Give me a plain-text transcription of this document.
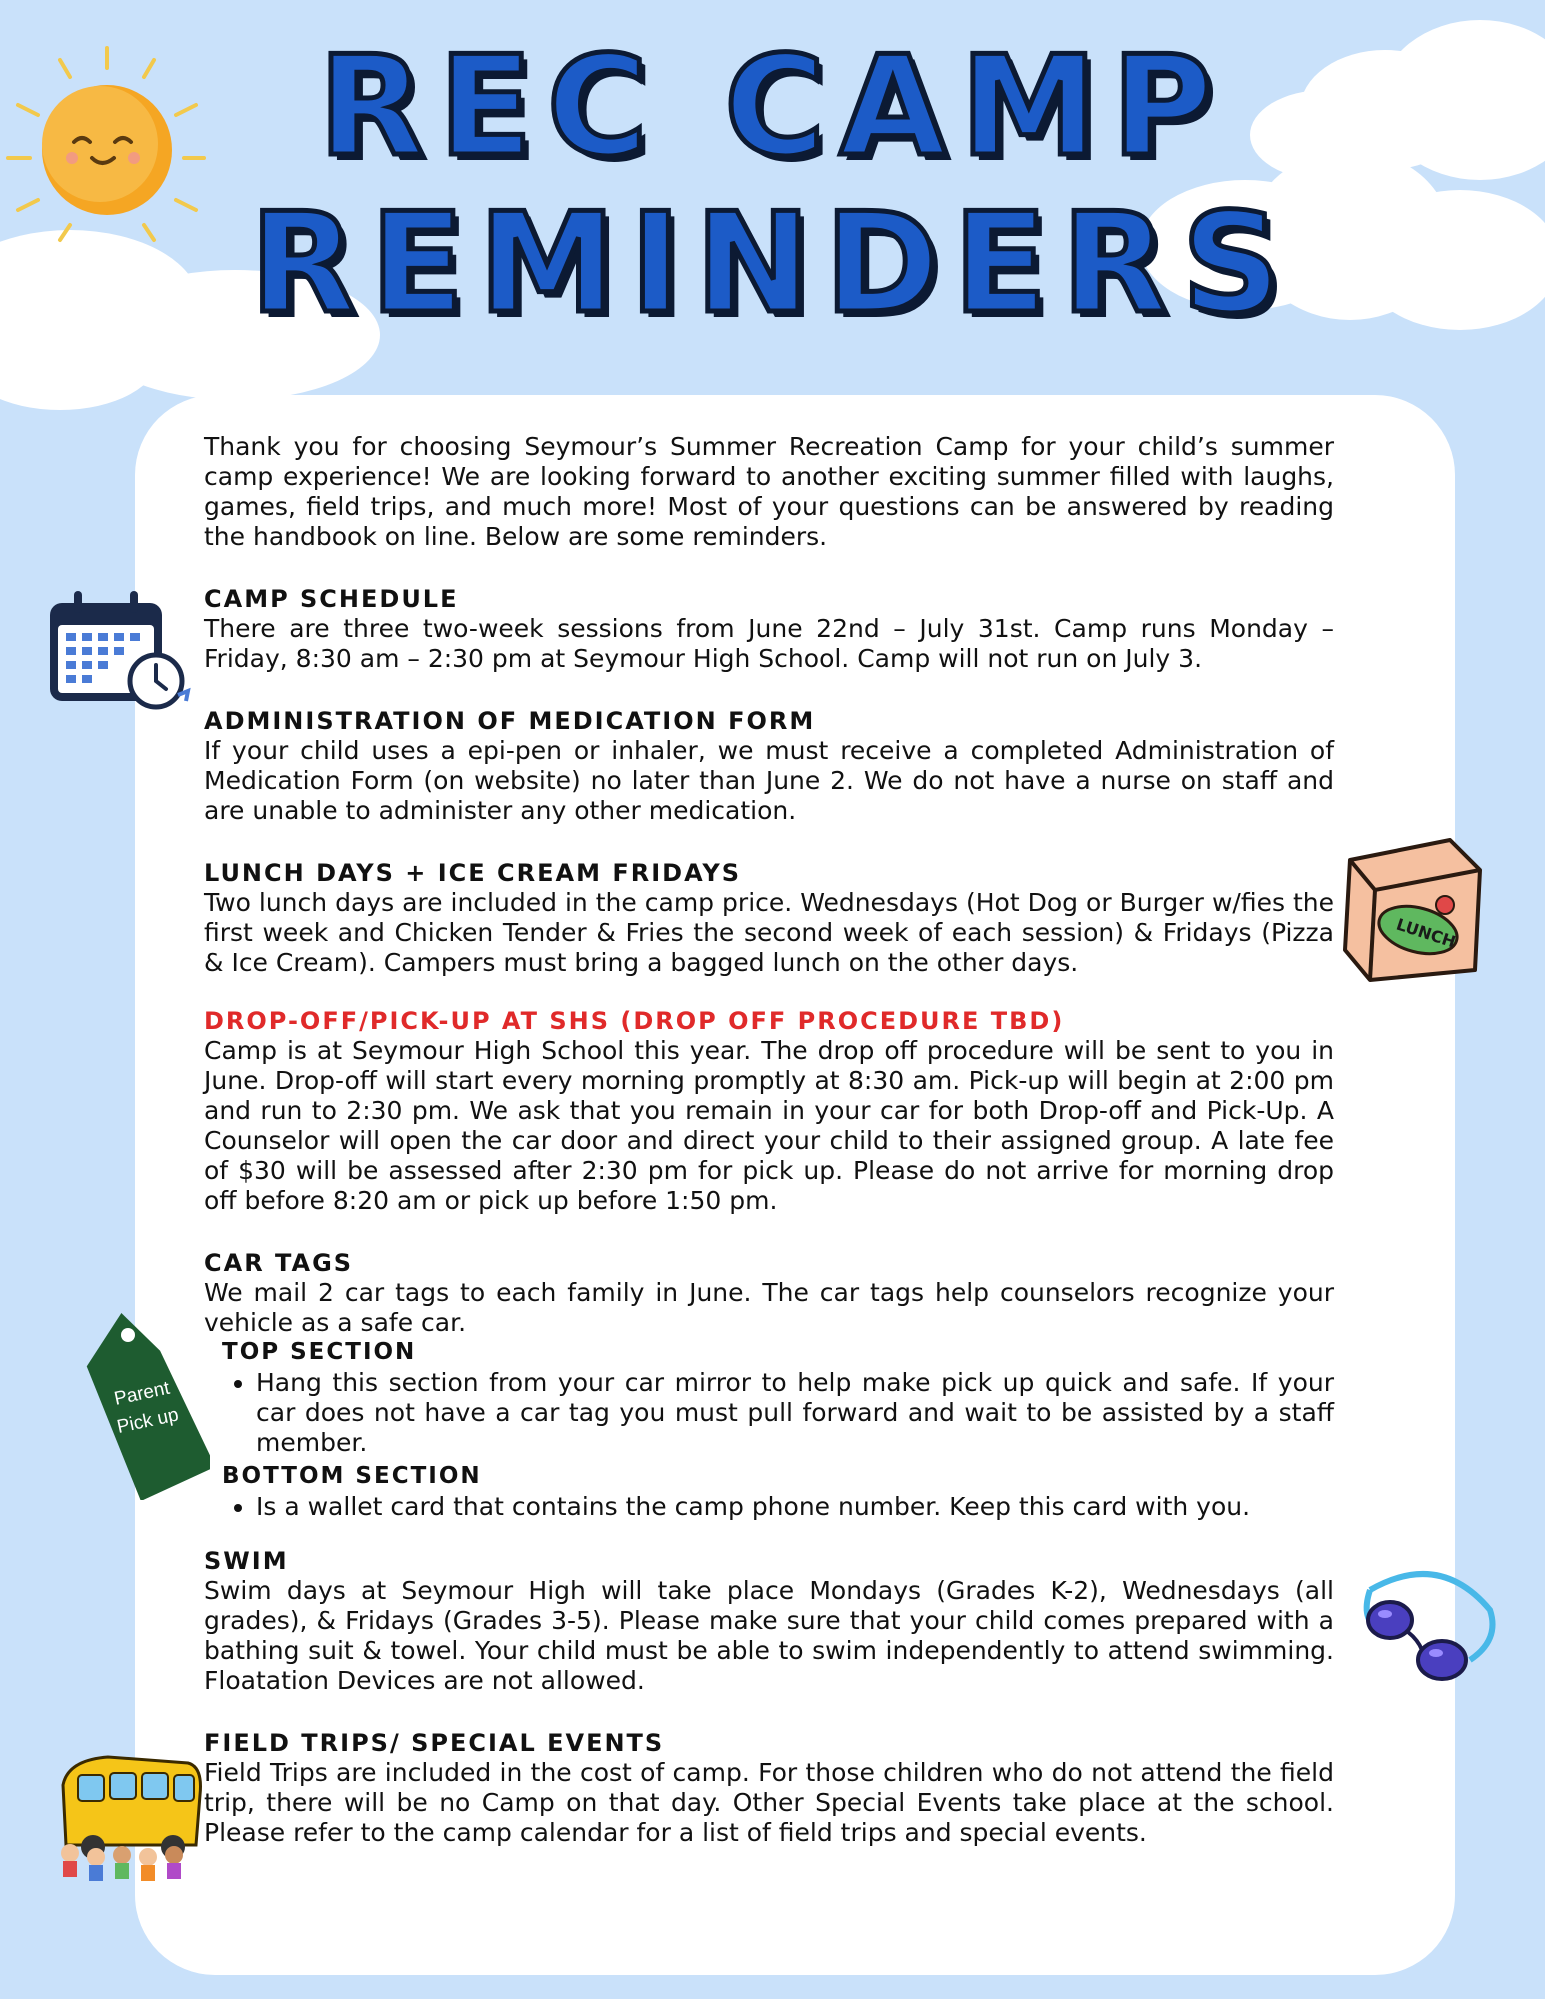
REC CAMP
REMINDERS
LUNCH
Parent
Pick up

Thank you for choosing Seymour’s Summer Recreation Camp for your child’s summer camp experience! We are looking forward to another exciting summer filled with laughs, games, field trips, and much more! Most of your questions can be answered by reading the handbook on line. Below are some reminders.

CAMP SCHEDULE

There are three two-week sessions from June 22nd – July 31st. Camp runs Monday – Friday, 8:30 am – 2:30 pm at Seymour High School. Camp will not run on July 3.

ADMINISTRATION OF MEDICATION FORM

If your child uses a epi-pen or inhaler, we must receive a completed Administration of Medication Form (on website) no later than June 2. We do not have a nurse on staff and are unable to administer any other medication.

LUNCH DAYS + ICE CREAM FRIDAYS

Two lunch days are included in the camp price. Wednesdays (Hot Dog or Burger w/fies the first week and Chicken Tender & Fries the second week of each session) & Fridays (Pizza & Ice Cream). Campers must bring a bagged lunch on the other days.

DROP-OFF/PICK-UP AT SHS (DROP OFF PROCEDURE TBD)

Camp is at Seymour High School this year. The drop off procedure will be sent to you in June. Drop-off will start every morning promptly at 8:30 am. Pick-up will begin at 2:00 pm and run to 2:30 pm. We ask that you remain in your car for both Drop-off and Pick-Up. A Counselor will open the car door and direct your child to their assigned group. A late fee of $30 will be assessed after 2:30 pm for pick up. Please do not arrive for morning drop off before 8:20 am or pick up before 1:50 pm.

CAR TAGS

We mail 2 car tags to each family in June. The car tags help counselors recognize your vehicle as a safe car.

TOP SECTION
• Hang this section from your car mirror to help make pick up quick and safe. If your car does not have a car tag you must pull forward and wait to be assisted by a staff member.
BOTTOM SECTION
• Is a wallet card that contains the camp phone number. Keep this card with you.
SWIM

Swim days at Seymour High will take place Mondays (Grades K-2), Wednesdays (all grades), & Fridays (Grades 3-5). Please make sure that your child comes prepared with a bathing suit & towel. Your child must be able to swim independently to attend swimming. Floatation Devices are not allowed.

FIELD TRIPS/ SPECIAL EVENTS

Field Trips are included in the cost of camp. For those children who do not attend the field trip, there will be no Camp on that day. Other Special Events take place at the school. Please refer to the camp calendar for a list of field trips and special events.
